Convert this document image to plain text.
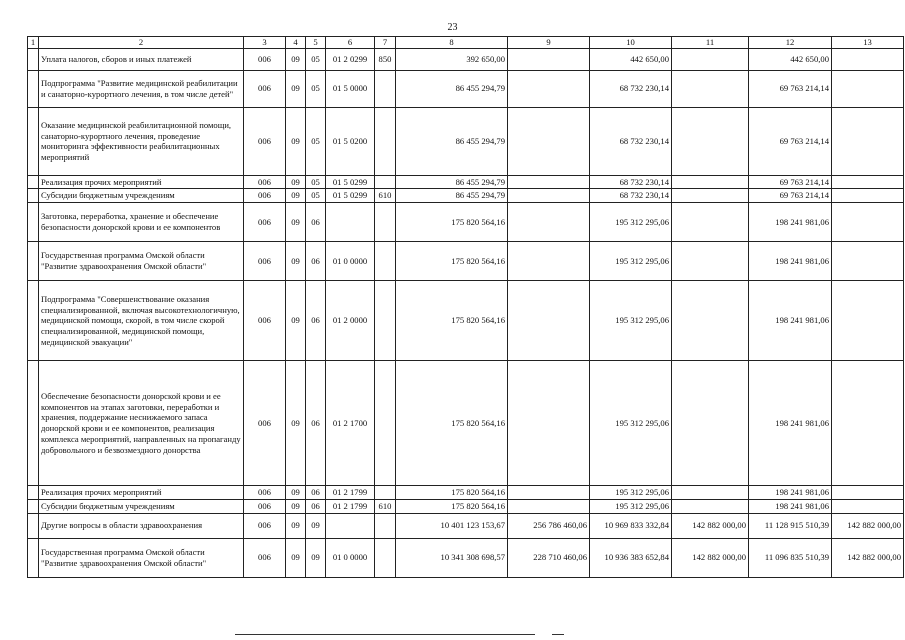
23
1	2	3	4	5	6	7	8	9	10	11	12	13
	Уплата налогов, сборов и иных платежей	006	09	05	01 2 0299	850	392 650,00		442 650,00		442 650,00	
	Подпрограмма "Развитие медицинской реабилитации и санаторно-курортного лечения, в том числе детей"	006	09	05	01 5 0000		86 455 294,79		68 732 230,14		69 763 214,14	
	Оказание медицинской реабилитационной помощи, санаторно-курортного лечения, проведение мониторинга эффективности реабилитационных мероприятий	006	09	05	01 5 0200		86 455 294,79		68 732 230,14		69 763 214,14	
	Реализация прочих мероприятий	006	09	05	01 5 0299		86 455 294,79		68 732 230,14		69 763 214,14	
	Субсидии бюджетным учреждениям	006	09	05	01 5 0299	610	86 455 294,79		68 732 230,14		69 763 214,14	
	Заготовка, переработка, хранение и обеспечение безопасности донорской крови и ее компонентов	006	09	06			175 820 564,16		195 312 295,06		198 241 981,06	
	Государственная программа Омской области "Развитие здравоохранения Омской области"	006	09	06	01 0 0000		175 820 564,16		195 312 295,06		198 241 981,06	
	Подпрограмма "Совершенствование оказания специализированной, включая высокотехнологичную, медицинской помощи, скорой, в том числе скорой специализированной, медицинской помощи, медицинской эвакуации"	006	09	06	01 2 0000		175 820 564,16		195 312 295,06		198 241 981,06	
	Обеспечение безопасности донорской крови и ее компонентов на этапах заготовки, переработки и хранения, поддержание неснижаемого запаса донорской крови и ее компонентов, реализация комплекса мероприятий, направленных на пропаганду добровольного и безвозмездного донорства	006	09	06	01 2 1700		175 820 564,16		195 312 295,06		198 241 981,06	
	Реализация прочих мероприятий	006	09	06	01 2 1799		175 820 564,16		195 312 295,06		198 241 981,06	
	Субсидии бюджетным учреждениям	006	09	06	01 2 1799	610	175 820 564,16		195 312 295,06		198 241 981,06	
	Другие вопросы в области здравоохранения	006	09	09			10 401 123 153,67	256 786 460,06	10 969 833 332,84	142 882 000,00	11 128 915 510,39	142 882 000,00
	Государственная программа Омской области "Развитие здравоохранения Омской области"	006	09	09	01 0 0000		10 341 308 698,57	228 710 460,06	10 936 383 652,84	142 882 000,00	11 096 835 510,39	142 882 000,00
